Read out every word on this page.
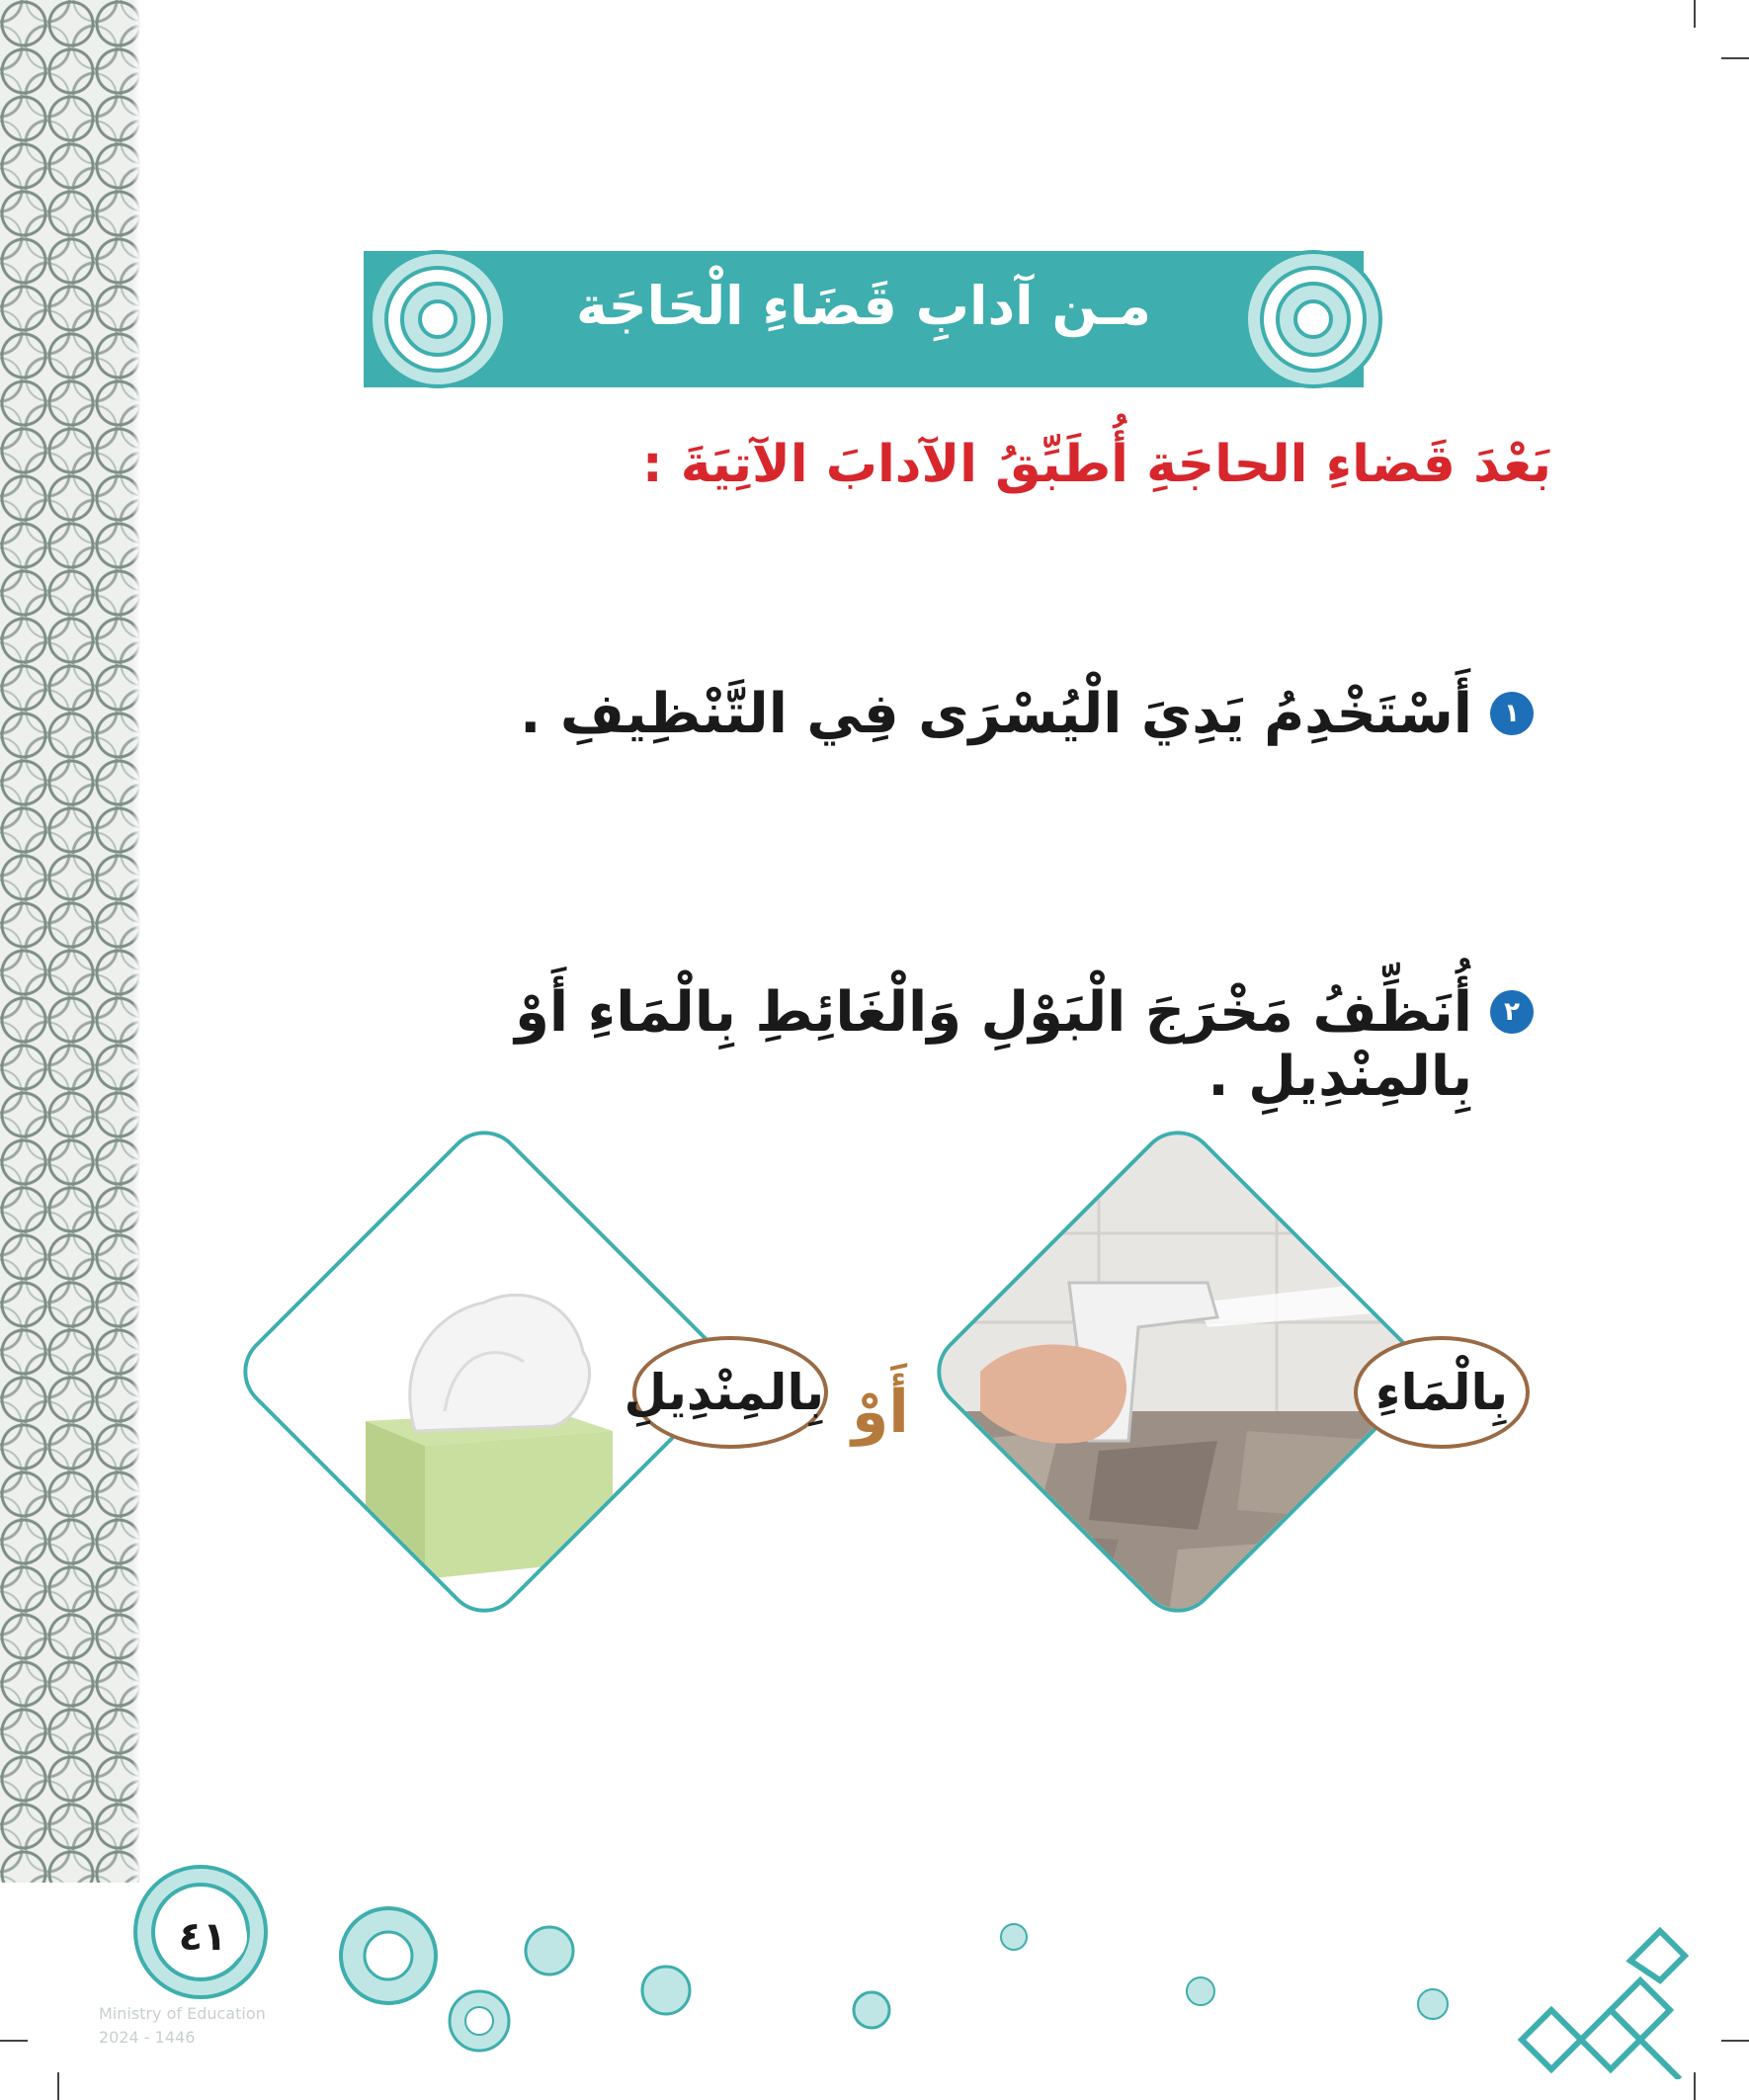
مـن آدابِ قَضَاءِ الْحَاجَة
بَعْدَ قَضاءِ الحاجَةِ أُطَبِّقُ الآدابَ الآتِيَةَ :
١
أَسْتَخْدِمُ يَدِيَ الْيُسْرَى فِي التَّنْظِيفِ .
٢
أُنَظِّفُ مَخْرَجَ الْبَوْلِ وَالْغَائِطِ بِالْمَاءِ أَوْ بِالمِنْدِيلِ .
بِالمِنْدِيلِ أَوْ	بِالْمَاءِ
٤١
Ministry of Education
2024 - 1446
